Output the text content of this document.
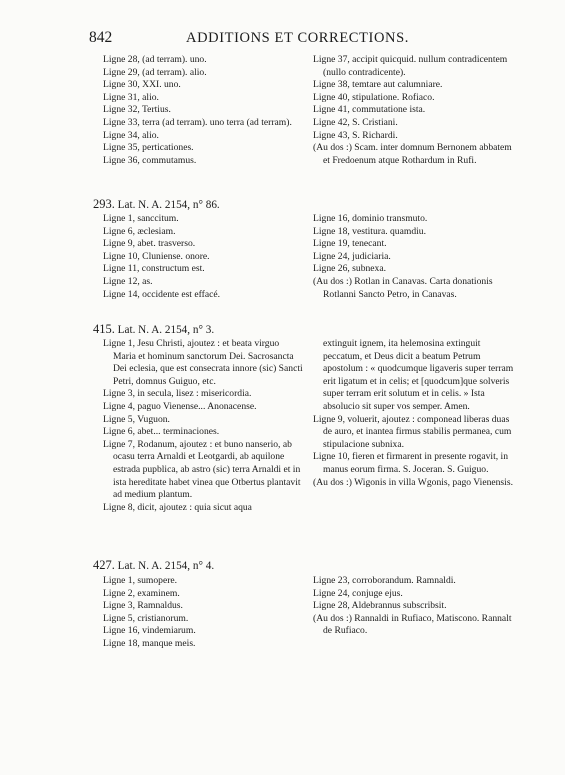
842	ADDITIONS ET CORRECTIONS.

Ligne 28, (ad terram). uno.

Ligne 29, (ad terram). alio.

Ligne 30, XXI. uno.

Ligne 31, alio.

Ligne 32, Tertius.

Ligne 33, terra (ad terram). uno terra (ad terram).

Ligne 34, alio.

Ligne 35, perticationes.

Ligne 36, commutamus.

Ligne 37, accipit quicquid. nullum contradicentem (nullo contradicente).

Ligne 38, temtare aut calumniare.

Ligne 40, stipulatione. Rofiaco.

Ligne 41, commutatione ista.

Ligne 42, S. Cristiani.

Ligne 43, S. Richardi.

(Au dos :) Scam. inter domnum Bernonem abbatem et Fredoenum atque Rothardum in Rufi.

293. Lat. N. A. 2154, n° 86.

Ligne 1, sanccitum.

Ligne 6, æclesiam.

Ligne 9, abet. trasverso.

Ligne 10, Cluniense. onore.

Ligne 11, constructum est.

Ligne 12, as.

Ligne 14, occidente est effacé.

Ligne 16, dominio transmuto.

Ligne 18, vestitura. quamdiu.

Ligne 19, tenecant.

Ligne 24, judiciaria.

Ligne 26, subnexa.

(Au dos :) Rotlan in Canavas. Carta donationis Rotlanni Sancto Petro, in Canavas.

415. Lat. N. A. 2154, n° 3.

Ligne 1, Jesu Christi, ajoutez : et beata virguo Maria et hominum sanctorum Dei. Sacrosancta Dei eclesia, que est consecrata innore (sic) Sancti Petri, domnus Guiguo, etc.

Ligne 3, in secula, lisez : misericordia.

Ligne 4, paguo Vienense... Anonacense.

Ligne 5, Vuguon.

Ligne 6, abet... terminaciones.

Ligne 7, Rodanum, ajoutez : et buno nanserio, ab ocasu terra Arnaldi et Leotgardi, ab aquilone estrada pupblica, ab astro (sic) terra Arnaldi et in ista hereditate habet vinea que Otbertus plantavit ad medium plantum.

Ligne 8, dicit, ajoutez : quia sicut aqua

extinguit ignem, ita helemosina extinguit peccatum, et Deus dicit a beatum Petrum apostolum : « quodcumque ligaveris super terram erit ligatum et in celis; et [quodcum]que solveris super terram erit solutum et in celis. » Ista absolucio sit super vos semper. Amen.

Ligne 9, voluerit, ajoutez : componead liberas duas de auro, et inantea firmus stabilis permanea, cum stipulacione subnixa.

Ligne 10, fieren et firmarent in presente rogavit, in manus eorum firma. S. Joceran. S. Guiguo.

(Au dos :) Wigonis in villa Wgonis, pago Vienensis.

427. Lat. N. A. 2154, n° 4.

Ligne 1, sumopere.

Ligne 2, examinem.

Ligne 3, Ramnaldus.

Ligne 5, cristianorum.

Ligne 16, vindemiarum.

Ligne 18, manque meis.

Ligne 23, corroborandum. Ramnaldi.

Ligne 24, conjuge ejus.

Ligne 28, Aldebrannus subscribsit.

(Au dos :) Rannaldi in Rufiaco, Matiscono. Rannalt de Rufiaco.
